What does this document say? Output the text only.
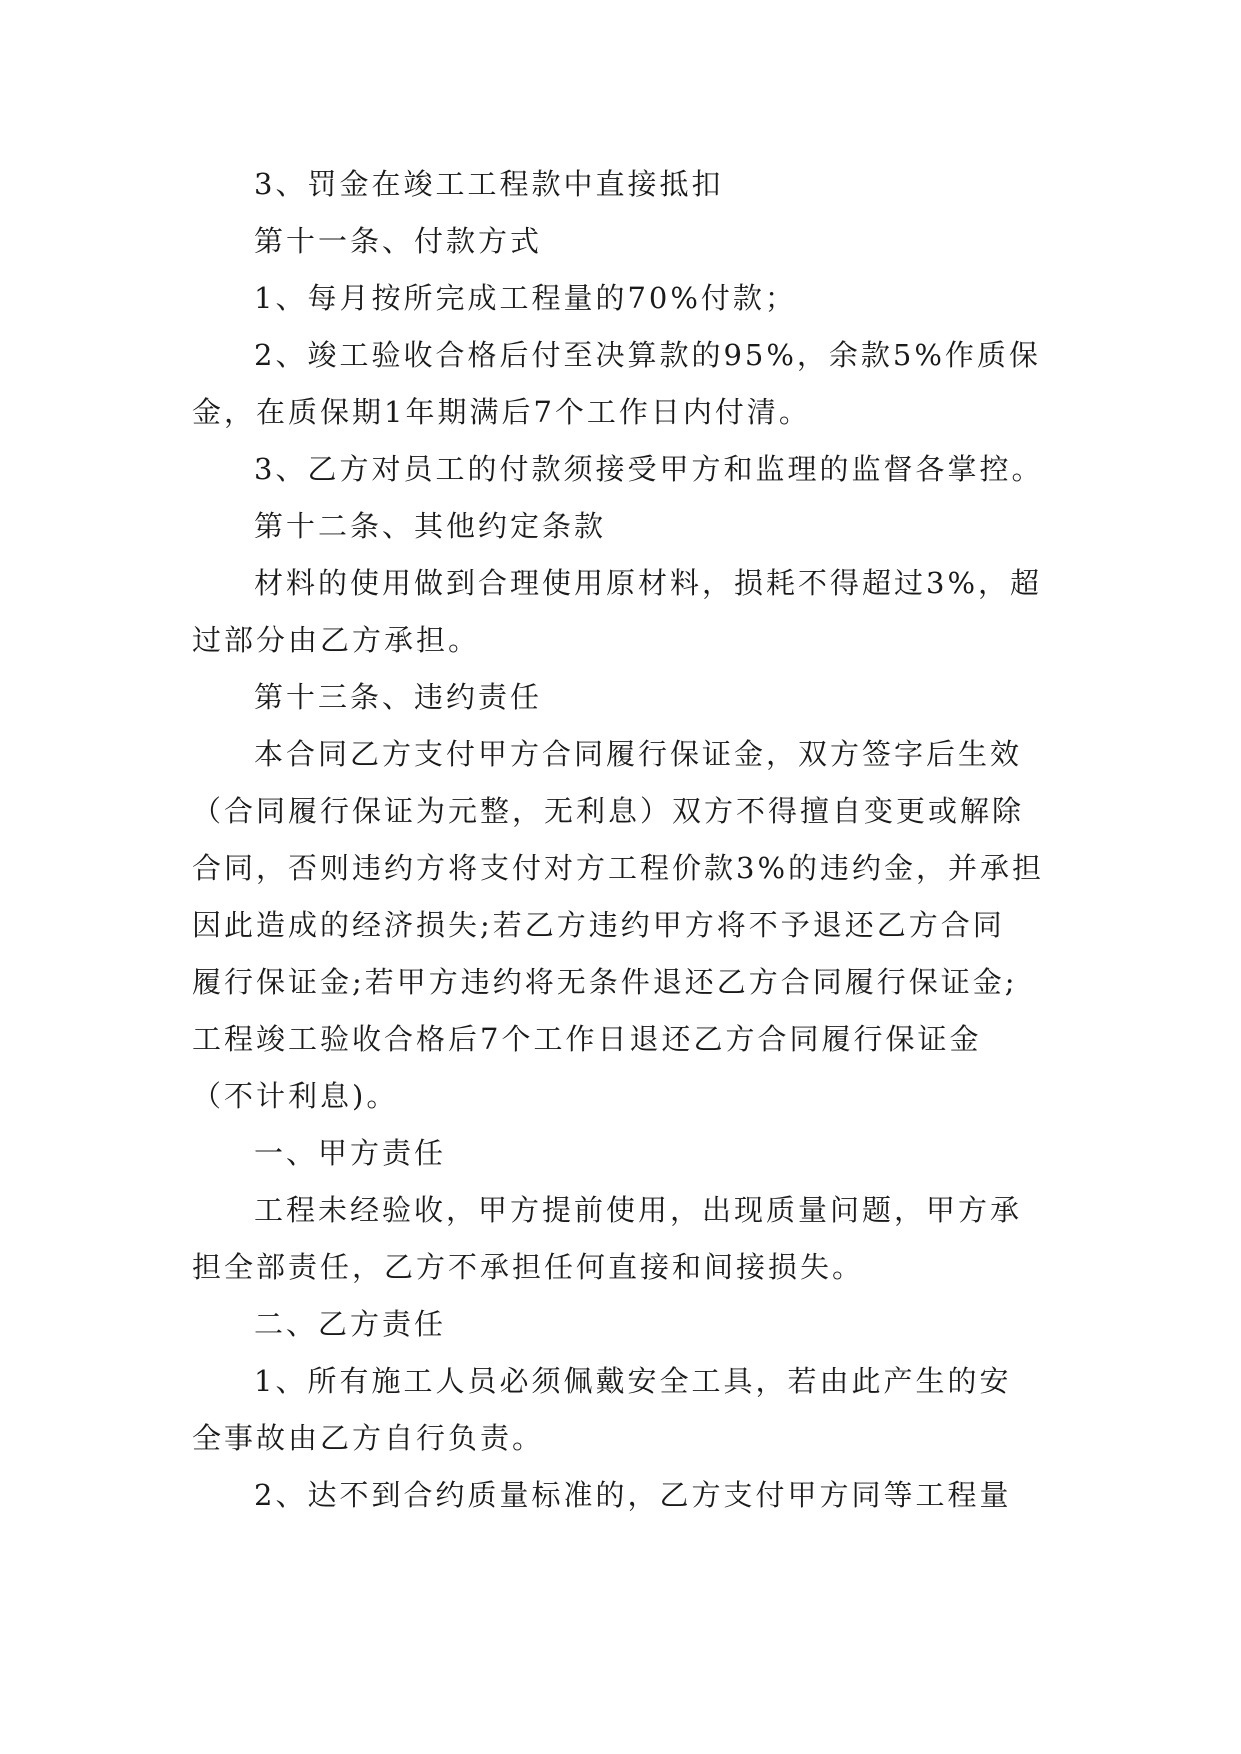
3、罚金在竣工工程款中直接抵扣
第十一条、付款方式
1、每月按所完成工程量的70%付款；
2、竣工验收合格后付至决算款的95%，余款5%作质保
金，在质保期1年期满后7个工作日内付清。
3、乙方对员工的付款须接受甲方和监理的监督各掌控。
第十二条、其他约定条款
材料的使用做到合理使用原材料，损耗不得超过3%，超
过部分由乙方承担。
第十三条、违约责任
本合同乙方支付甲方合同履行保证金，双方签字后生效
（合同履行保证为元整，无利息）双方不得擅自变更或解除
合同，否则违约方将支付对方工程价款3%的违约金，并承担
因此造成的经济损失;若乙方违约甲方将不予退还乙方合同
履行保证金;若甲方违约将无条件退还乙方合同履行保证金;
工程竣工验收合格后7个工作日退还乙方合同履行保证金
（不计利息)。
一、甲方责任
工程未经验收，甲方提前使用，出现质量问题，甲方承
担全部责任，乙方不承担任何直接和间接损失。
二、乙方责任
1、所有施工人员必须佩戴安全工具，若由此产生的安
全事故由乙方自行负责。
2、达不到合约质量标准的，乙方支付甲方同等工程量
